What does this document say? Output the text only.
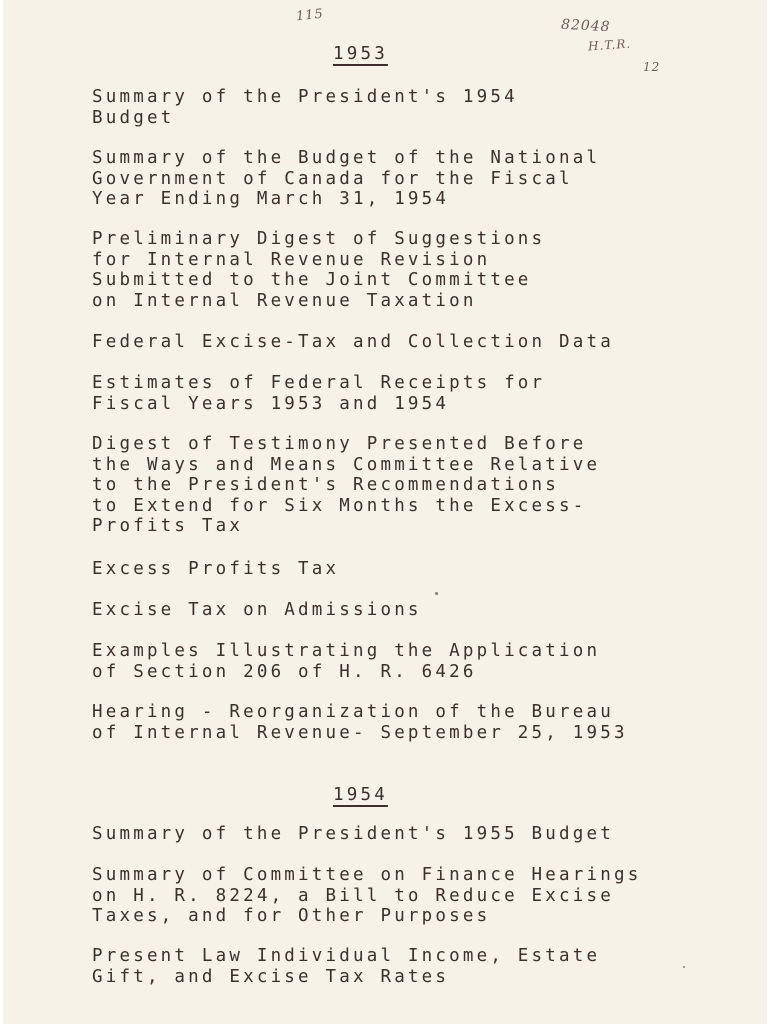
115
82048
H.T.R.
12
1953
Summary of the President's 1954
Budget
Summary of the Budget of the National
Government of Canada for the Fiscal
Year Ending March 31, 1954
Preliminary Digest of Suggestions
for Internal Revenue Revision
Submitted to the Joint Committee
on Internal Revenue Taxation
Federal Excise-Tax and Collection Data
Estimates of Federal Receipts for
Fiscal Years 1953 and 1954
Digest of Testimony Presented Before
the Ways and Means Committee Relative
to the President's Recommendations
to Extend for Six Months the Excess-
Profits Tax
Excess Profits Tax
Excise Tax on Admissions
Examples Illustrating the Application
of Section 206 of H. R. 6426
Hearing - Reorganization of the Bureau
of Internal Revenue- September 25, 1953
1954
Summary of the President's 1955 Budget
Summary of Committee on Finance Hearings
on H. R. 8224, a Bill to Reduce Excise
Taxes, and for Other Purposes
Present Law Individual Income, Estate
Gift, and Excise Tax Rates
